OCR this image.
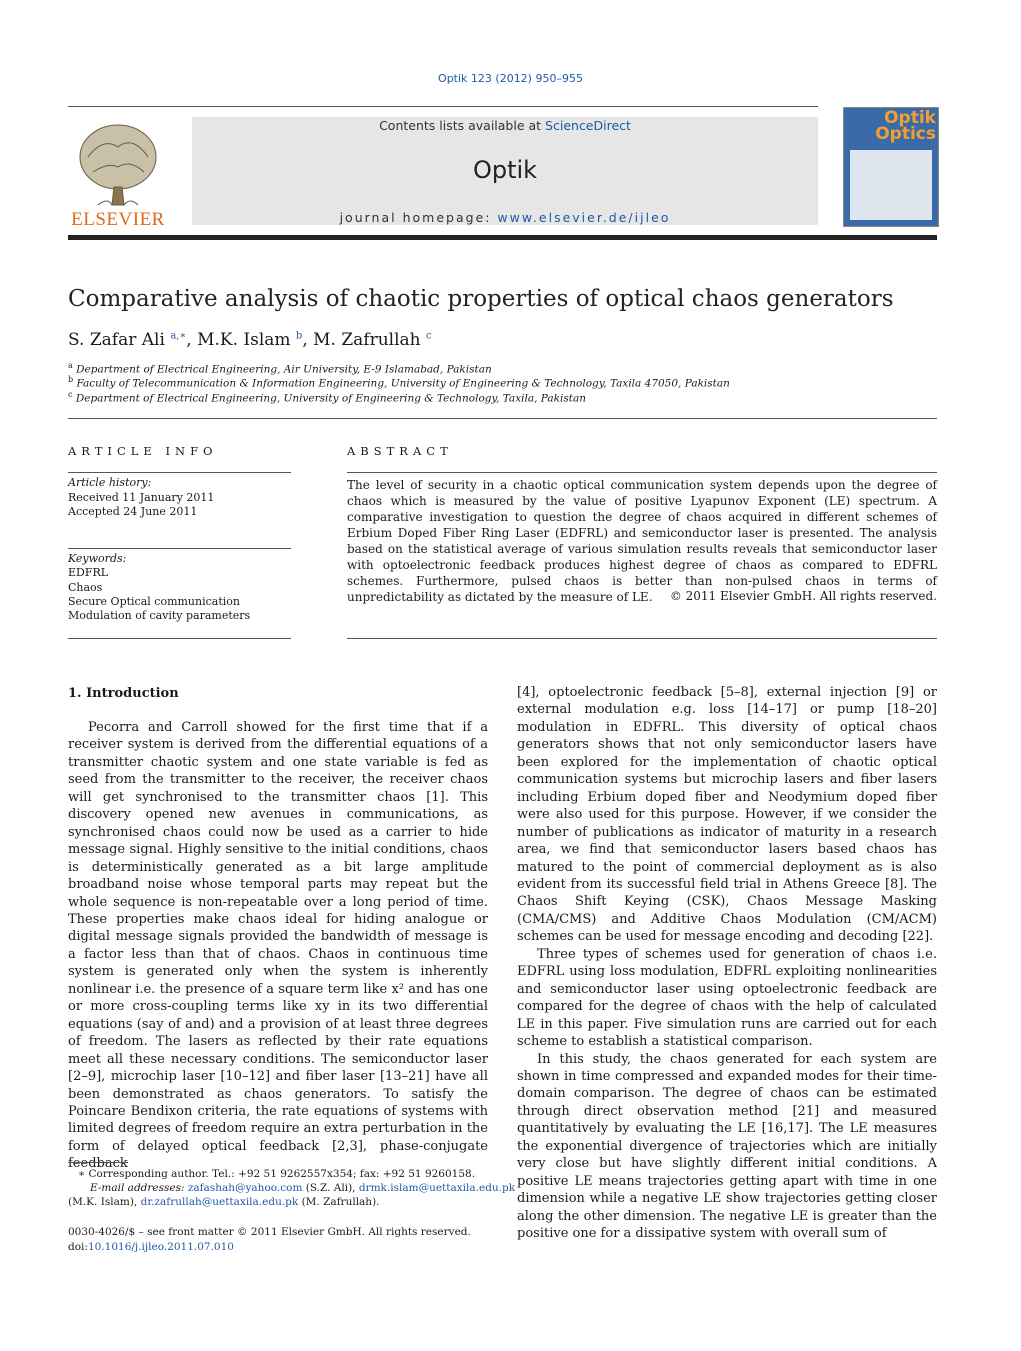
Optik 123 (2012) 950–955
ELSEVIER
Contents lists available at ScienceDirect
Optik
journal homepage: www.elsevier.de/ijleo
Optik Optics
Comparative analysis of chaotic properties of optical chaos generators
S. Zafar Ali $^{a,∗}$, M.K. Islam $^b$, M. Zafrullah $^c$
$^a$ Department of Electrical Engineering, Air University, E-9 Islamabad, Pakistan
$^b$ Faculty of Telecommunication & Information Engineering, University of Engineering & Technology, Taxila 47050, Pakistan
$^c$ Department of Electrical Engineering, University of Engineering & Technology, Taxila, Pakistan
ARTICLE INFO
Article history:
Received 11 January 2011
Accepted 24 June 2011
Keywords:
EDFRL
Chaos
Secure Optical communication
Modulation of cavity parameters
ABSTRACT
The level of security in a chaotic optical communication system depends upon the degree of chaos which is measured by the value of positive Lyapunov Exponent (LE) spectrum. A comparative investigation to question the degree of chaos acquired in different schemes of Erbium Doped Fiber Ring Laser (EDFRL) and semiconductor laser is presented. The analysis based on the statistical average of various simulation results reveals that semiconductor laser with optoelectronic feedback produces highest degree of chaos as compared to EDFRL schemes. Furthermore, pulsed chaos is better than non-pulsed chaos in terms of unpredictability as dictated by the measure of LE.	© 2011 Elsevier GmbH. All rights reserved.
1. Introduction

Pecorra and Carroll showed for the first time that if a receiver system is derived from the differential equations of a transmitter chaotic system and one state variable is fed as seed from the transmitter to the receiver, the receiver chaos will get synchronised to the transmitter chaos [1]. This discovery opened new avenues in communications, as synchronised chaos could now be used as a carrier to hide message signal. Highly sensitive to the initial conditions, chaos is deterministically generated as a bit large amplitude broadband noise whose temporal parts may repeat but the whole sequence is non-repeatable over a long period of time. These properties make chaos ideal for hiding analogue or digital message signals provided the bandwidth of message is a factor less than that of chaos. Chaos in continuous time system is generated only when the system is inherently nonlinear i.e. the presence of a square term like x² and has one or more cross-coupling terms like xy in its two differential equations (say of and) and a provision of at least three degrees of freedom. The lasers as reflected by their rate equations meet all these necessary conditions. The semiconductor laser [2–9], microchip laser [10–12] and fiber laser [13–21] have all been demonstrated as chaos generators. To satisfy the Poincare Bendixon criteria, the rate equations of systems with limited degrees of freedom require an extra perturbation in the form of delayed optical feedback [2,3], phase-conjugate feedback

[4], optoelectronic feedback [5–8], external injection [9] or external modulation e.g. loss [14–17] or pump [18–20] modulation in EDFRL. This diversity of optical chaos generators shows that not only semiconductor lasers have been explored for the implementation of chaotic optical communication systems but microchip lasers and fiber lasers including Erbium doped fiber and Neodymium doped fiber were also used for this purpose. However, if we consider the number of publications as indicator of maturity in a research area, we find that semiconductor lasers based chaos has matured to the point of commercial deployment as is also evident from its successful field trial in Athens Greece [8]. The Chaos Shift Keying (CSK), Chaos Message Masking (CMA/CMS) and Additive Chaos Modulation (CM/ACM) schemes can be used for message encoding and decoding [22].

Three types of schemes used for generation of chaos i.e. EDFRL using loss modulation, EDFRL exploiting nonlinearities and semiconductor laser using optoelectronic feedback are compared for the degree of chaos with the help of calculated LE in this paper. Five simulation runs are carried out for each scheme to establish a statistical comparison.

In this study, the chaos generated for each system are shown in time compressed and expanded modes for their time-domain comparison. The degree of chaos can be estimated through direct observation method [21] and measured quantitatively by evaluating the LE [16,17]. The LE measures the exponential divergence of trajectories which are initially very close but have slightly different initial conditions. A positive LE means trajectories getting apart with time in one dimension while a negative LE show trajectories getting closer along the other dimension. The negative LE is greater than the positive one for a dissipative system with overall sum of

∗ Corresponding author. Tel.: +92 51 9262557x354; fax: +92 51 9260158.
E-mail addresses: zafashah@yahoo.com (S.Z. Ali), drmk.islam@uettaxila.edu.pk
(M.K. Islam), dr.zafrullah@uettaxila.edu.pk (M. Zafrullah).
0030-4026/$ – see front matter © 2011 Elsevier GmbH. All rights reserved.
doi:10.1016/j.ijleo.2011.07.010
